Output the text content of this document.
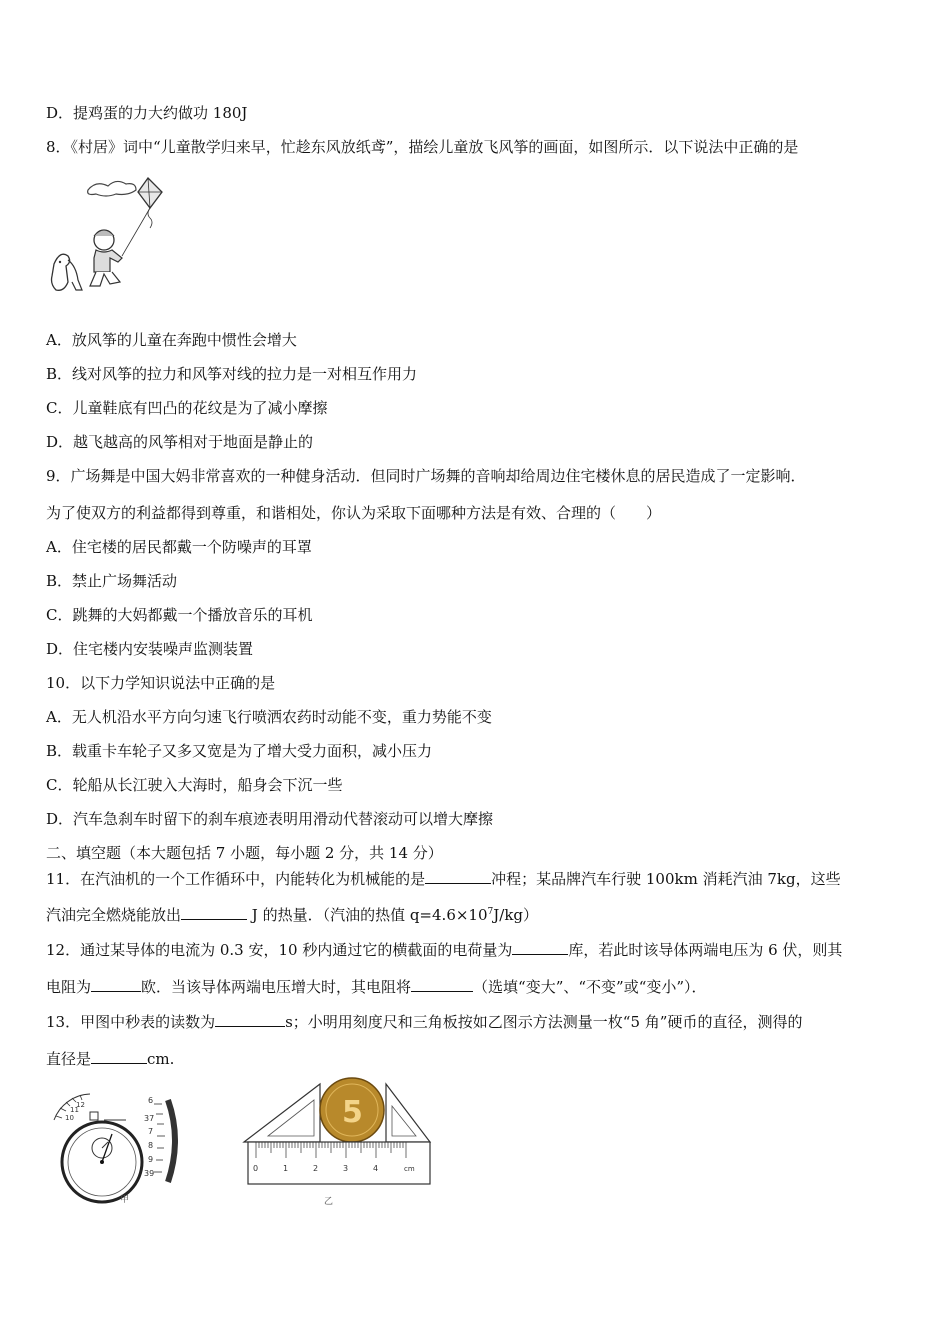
D．提鸡蛋的力大约做功 180J
8．《村居》词中“儿童散学归来早，忙趁东风放纸鸢”，描绘儿童放飞风筝的画面，如图所示．以下说法中正确的是
A．放风筝的儿童在奔跑中惯性会增大
B．线对风筝的拉力和风筝对线的拉力是一对相互作用力
C．儿童鞋底有凹凸的花纹是为了减小摩擦
D．越飞越高的风筝相对于地面是静止的
9．广场舞是中国大妈非常喜欢的一种健身活动．但同时广场舞的音响却给周边住宅楼休息的居民造成了一定影响．
为了使双方的利益都得到尊重，和谐相处，你认为采取下面哪种方法是有效、合理的（　　）
A．住宅楼的居民都戴一个防噪声的耳罩
B．禁止广场舞活动
C．跳舞的大妈都戴一个播放音乐的耳机
D．住宅楼内安装噪声监测装置
10．以下力学知识说法中正确的是
A．无人机沿水平方向匀速飞行喷洒农药时动能不变，重力势能不变
B．载重卡车轮子又多又宽是为了增大受力面积，减小压力
C．轮船从长江驶入大海时，船身会下沉一些
D．汽车急刹车时留下的刹车痕迹表明用滑动代替滚动可以增大摩擦
二、填空题（本大题包括 7 小题，每小题 2 分，共 14 分）
11．在汽油机的一个工作循环中，内能转化为机械能的是	冲程；某品牌汽车行驶 100km 消耗汽油 7kg，这些
汽油完全燃烧能放出	J 的热量．（汽油的热值 $q=4.6\times 10^7J/kg$）
12．通过某导体的电流为 0.3 安，10 秒内通过它的横截面的电荷量为	库，若此时该导体两端电压为 6 伏，则其
电阻为	欧．当该导体两端电压增大时，其电阻将	（选填“变大”、“不变”或“变小”）．
13．甲图中秒表的读数为	s；小明用刻度尺和三角板按如乙图示方法测量一枚“5 角”硬币的直径，测得的
直径是	cm.
10
11
12	6
37
7
8
9
39
甲
5
0	1	2	3	4	cm
乙
